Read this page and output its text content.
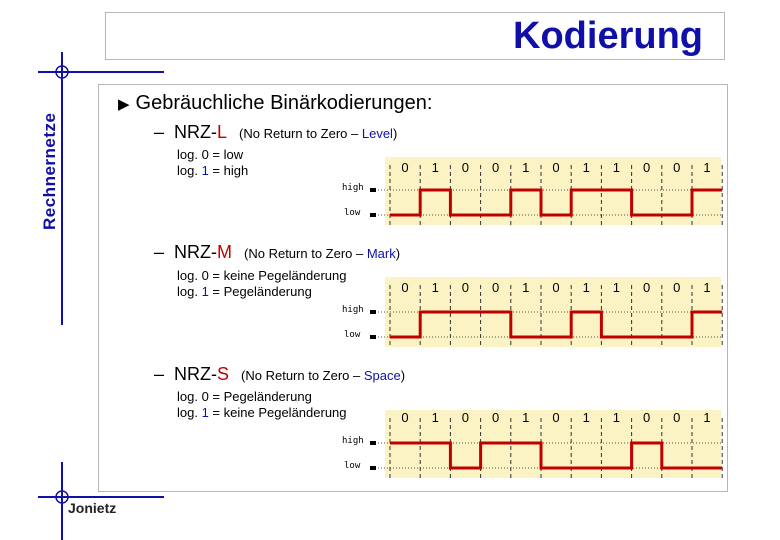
Kodierung
Rechnernetze
Jonietz
▶ Gebräuchliche Binärkodierungen:
– NRZ-L (No Return to Zero – Level)
log. 0 = low
log. 1 = high
high
low
0	1	0	0	1	0	1	1	0	0	1
– NRZ-M (No Return to Zero – Mark)
log. 0 = keine Pegeländerung
log. 1 = Pegeländerung
high
low
0	1	0	0	1	0	1	1	0	0	1
– NRZ-S (No Return to Zero – Space)
log. 0 = Pegeländerung
log. 1 = keine Pegeländerung
high
low
0	1	0	0	1	0	1	1	0	0	1
